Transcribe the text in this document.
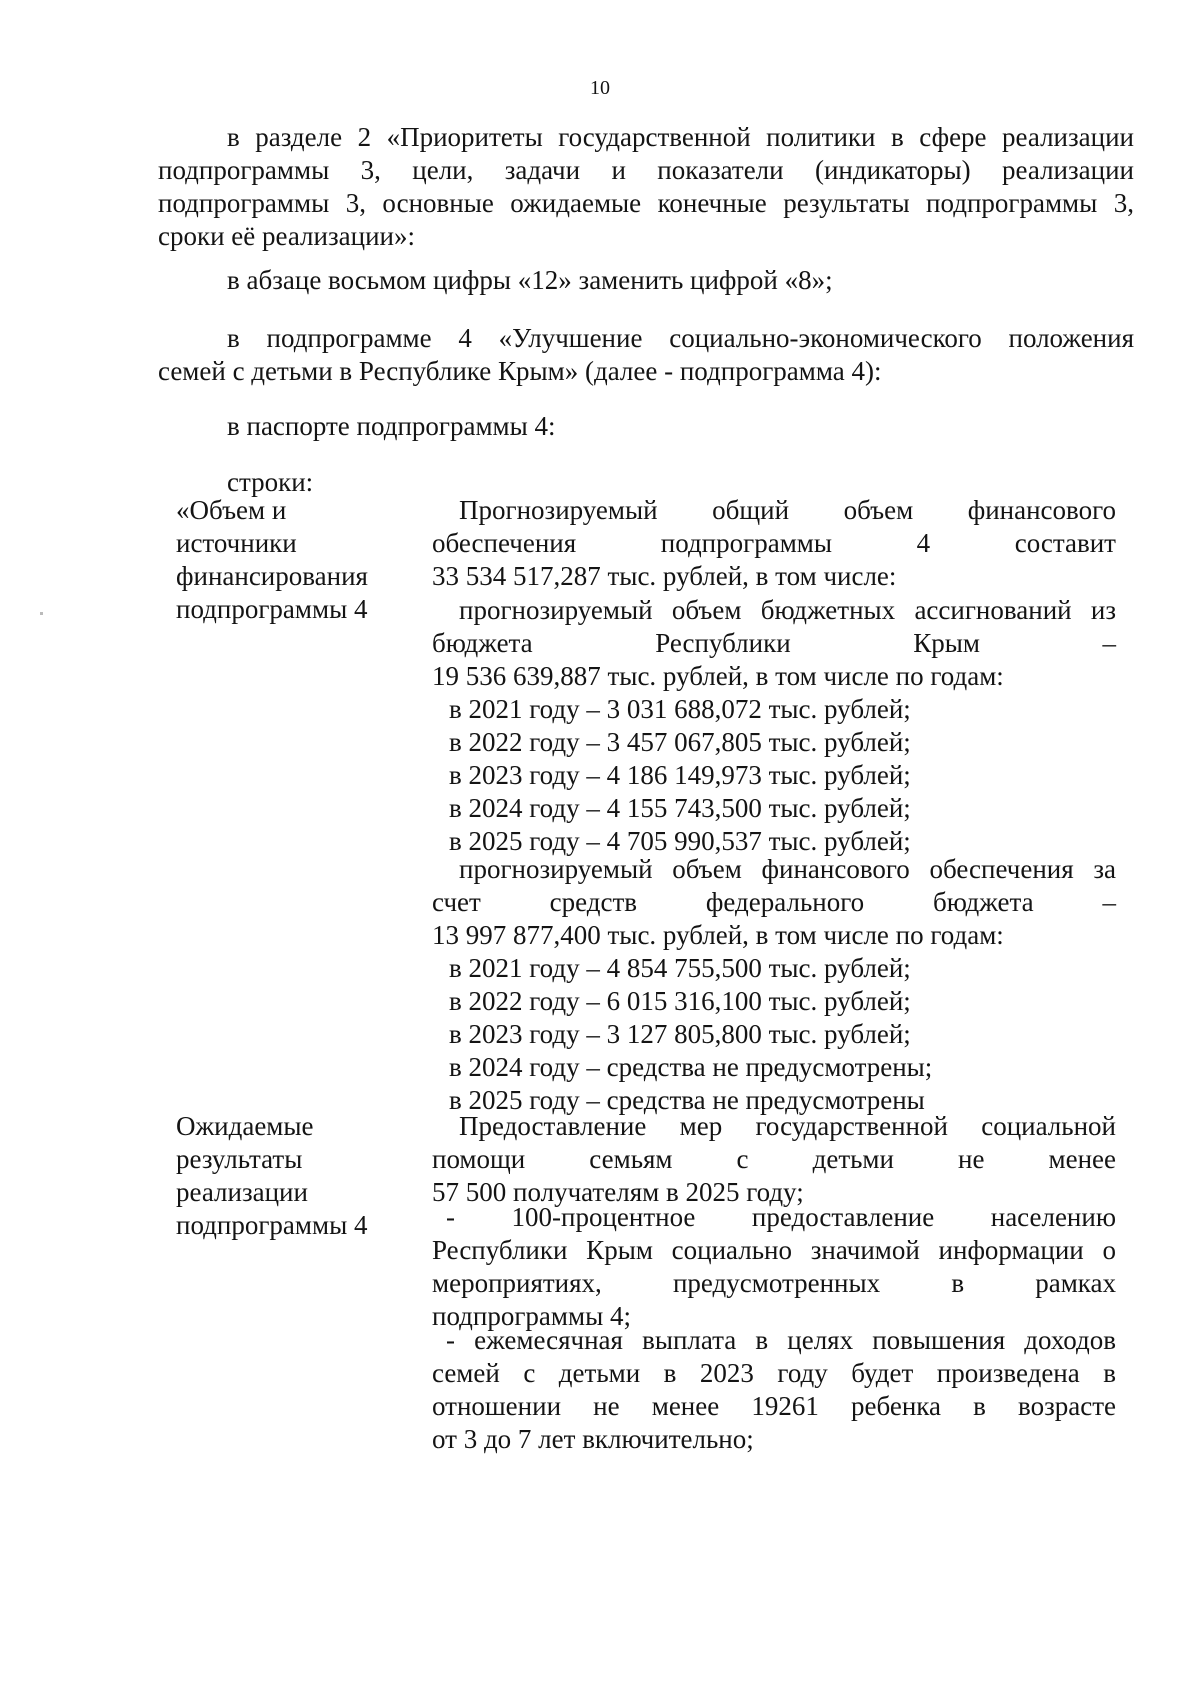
10
в разделе 2 «Приоритеты государственной политики в сфере реализации
подпрограммы 3, цели, задачи и показатели (индикаторы) реализации
подпрограммы 3, основные ожидаемые конечные результаты подпрограммы 3,
сроки её реализации»:
в абзаце восьмом цифры «12» заменить цифрой «8»;
в подпрограмме 4 «Улучшение социально-экономического положения
семей с детьми в Республике Крым» (далее - подпрограмма 4):
в паспорте подпрограммы 4:
строки:
«Объем и
источники
финансирования
подпрограммы 4
Прогнозируемый общий объем финансового
обеспечения подпрограммы 4 составит
33 534 517,287 тыс. рублей, в том числе:
прогнозируемый объем бюджетных ассигнований из
бюджета Республики Крым –
19 536 639,887 тыс. рублей, в том числе по годам:
в 2021 году – 3 031 688,072 тыс. рублей;
в 2022 году – 3 457 067,805 тыс. рублей;
в 2023 году – 4 186 149,973 тыс. рублей;
в 2024 году – 4 155 743,500 тыс. рублей;
в 2025 году – 4 705 990,537 тыс. рублей;
прогнозируемый объем финансового обеспечения за
счет средств федерального бюджета –
13 997 877,400 тыс. рублей, в том числе по годам:
в 2021 году – 4 854 755,500 тыс. рублей;
в 2022 году – 6 015 316,100 тыс. рублей;
в 2023 году – 3 127 805,800 тыс. рублей;
в 2024 году – средства не предусмотрены;
в 2025 году – средства не предусмотрены
Ожидаемые
результаты
реализации
подпрограммы 4
Предоставление мер государственной социальной
помощи семьям с детьми не менее
57 500 получателям в 2025 году;
- 100-процентное предоставление населению
Республики Крым социально значимой информации о
мероприятиях, предусмотренных в рамках
подпрограммы 4;
- ежемесячная выплата в целях повышения доходов
семей с детьми в 2023 году будет произведена в
отношении не менее 19261 ребенка в возрасте
от 3 до 7 лет включительно;
